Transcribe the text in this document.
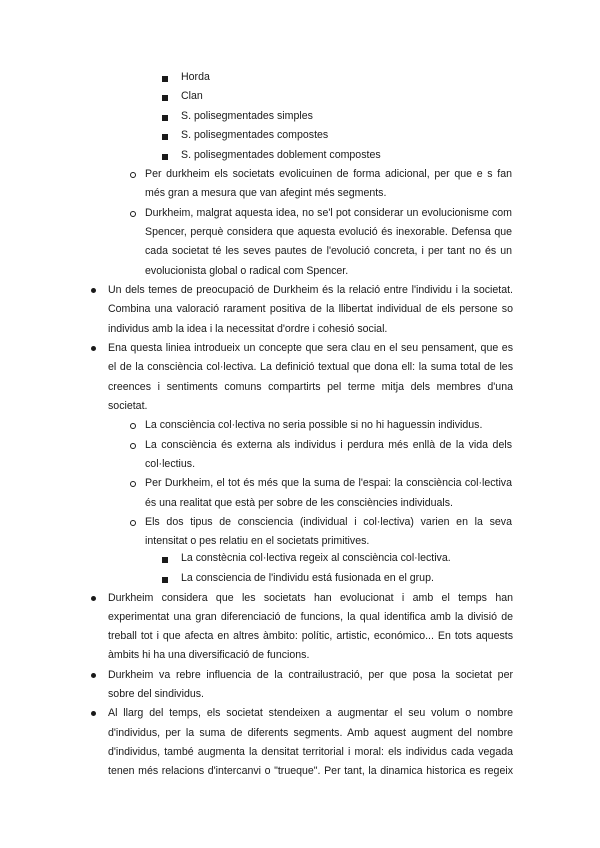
Horda
Clan
S. polisegmentades simples
S. polisegmentades compostes
S. polisegmentades doblement compostes
Per durkheim els societats evolicuinen de forma adicional, per que e s fan
més gran a mesura que van afegint més segments.
Durkheim, malgrat aquesta idea, no se'l pot considerar un evolucionisme com
Spencer, perquè considera que aquesta evolució és inexorable. Defensa que
cada societat té les seves pautes de l'evolució concreta, i per tant no és un
evolucionista global o radical com Spencer.
Un dels temes de preocupació de Durkheim és la relació entre l'individu i la societat.
Combina una valoració rarament positiva de la llibertat individual de els persone so
individus amb la idea i la necessitat d'ordre i cohesió social.
Ena questa liniea introdueix un concepte que sera clau en el seu pensament, que es
el de la consciència col·lectiva. La definició textual que dona ell: la suma total de les
creences i sentiments comuns compartirts pel terme mitja dels membres d'una
societat.
La consciència col·lectiva no seria possible si no hi haguessin individus.
La consciència és externa als individus i perdura més enllà de la vida dels
col·lectius.
Per Durkheim, el tot és més que la suma de l'espai: la consciència col·lectiva
és una realitat que està per sobre de les consciències individuals.
Els dos tipus de consciencia (individual i col·lectiva) varien en la seva
intensitat o pes relatiu en el societats primitives.
La constècnia col·lectiva regeix al consciència col·lectiva.
La consciencia de l'individu está fusionada en el grup.
Durkheim considera que les societats han evolucionat i amb el temps han
experimentat una gran diferenciació de funcions, la qual identifica amb la divisió de
treball tot i que afecta en altres àmbito: polític, artistic, económico... En tots aquests
àmbits hi ha una diversificació de funcions.
Durkheim va rebre influencia de la contrailustració, per que posa la societat per
sobre del sindividus.
Al llarg del temps, els societat stendeixen a augmentar el seu volum o nombre
d'individus, per la suma de diferents segments. Amb aquest augment del nombre
d'individus, també augmenta la densitat territorial i moral: els individus cada vegada
tenen més relacions d'intercanvi o "trueque". Per tant, la dinamica historica es regeix
